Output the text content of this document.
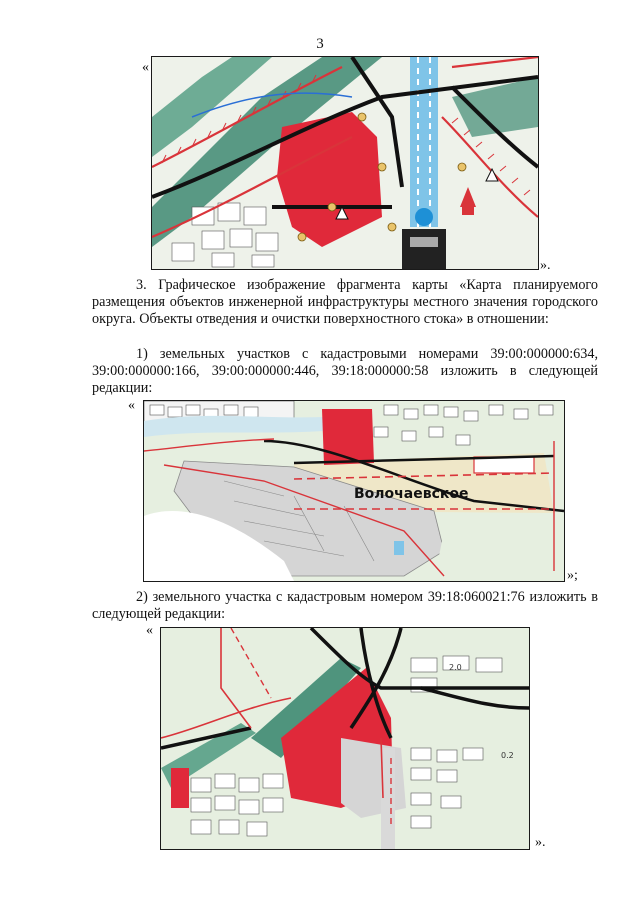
3
«
».
3. Графическое изображение фрагмента карты «Карта планируемого размещения объектов инженерной инфраструктуры местного значения городского округа. Объекты отведения и очистки поверхностного стока» в отношении:
1) земельных участков с кадастровыми номерами 39:00:000000:634, 39:00:000000:166, 39:00:000000:446, 39:18:000000:58 изложить в следующей редакции:
«
Волочаевское
»;
2) земельного участка с кадастровым номером 39:18:060021:76 изложить в следующей редакции:
«
2.0
0.2
».
